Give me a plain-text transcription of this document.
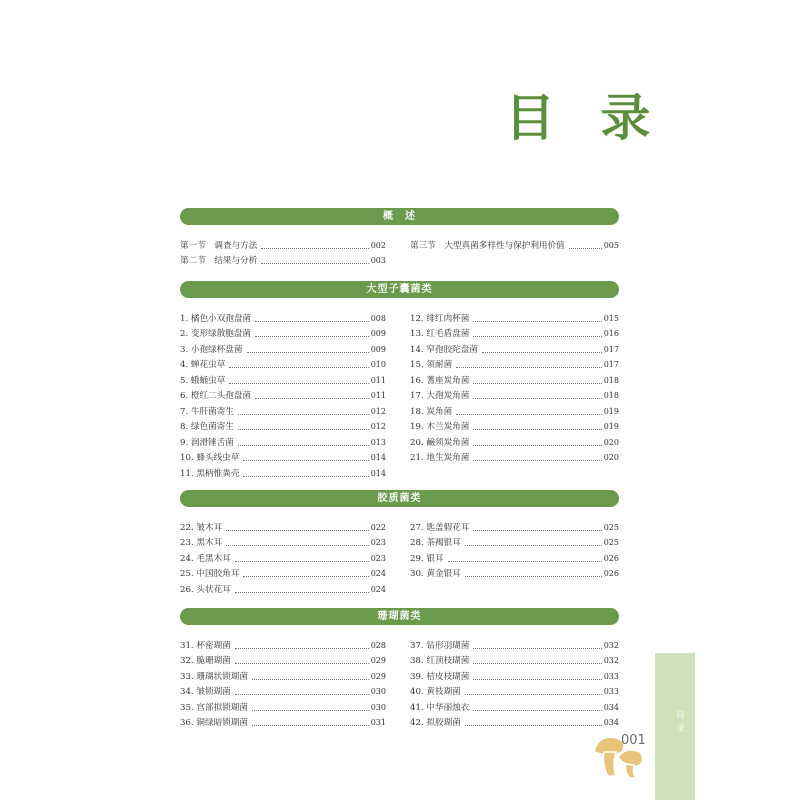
目 录
概　述
第一节　调查与方法	002
第二节　结果与分析	003
第三节　大型真菌多样性与保护利用价值	005
大型子囊菌类
1. 橘色小双孢盘菌	008
2. 变形绿散胞盘菌	009
3. 小孢绿杯盘菌	009
4. 蝉花虫草	010
5. 蛾蛹虫草	011
6. 橙红二头孢盘菌	011
7. 牛肝菌寄生	012
8. 绿色菌寄生	012
9. 润滑锤舌菌	013
10. 蜂头线虫草	014
11. 黑柄惟粪壳	014
12. 绯红肉杯菌	015
13. 红毛盾盘菌	016
14. 窄孢胶陀盘菌	017
15. 须耐菌	017
16. 蓍座炭角菌	018
17. 大孢炭角菌	018
18. 炭角菌	019
19. 木兰炭角菌	019
20. 鹼须炭角菌	020
21. 地生炭角菌	020
胶质菌类
22. 皱木耳	022
23. 黑木耳	023
24. 毛黑木耳	023
25. 中国胶角耳	024
26. 头状花耳	024
27. 匙盖假花耳	025
28. 茶褐银耳	025
29. 银耳	026
30. 黄金银耳	026
珊瑚菌类
31. 杯密瑚菌	028
32. 脆珊瑚菌	029
33. 珊瑚状锁瑚菌	029
34. 皱锁瑚菌	030
35. 宫部拟锁瑚菌	030
36. 铜绿暗锁瑚菌	031
37. 钻形羽瑚菌	032
38. 红顶枝瑚菌	032
39. 桔皮枝瑚菌	033
40. 黄枝瑚菌	033
41. 中华丽烛衣	034
42. 拟胶瑚菌	034	目录
001
